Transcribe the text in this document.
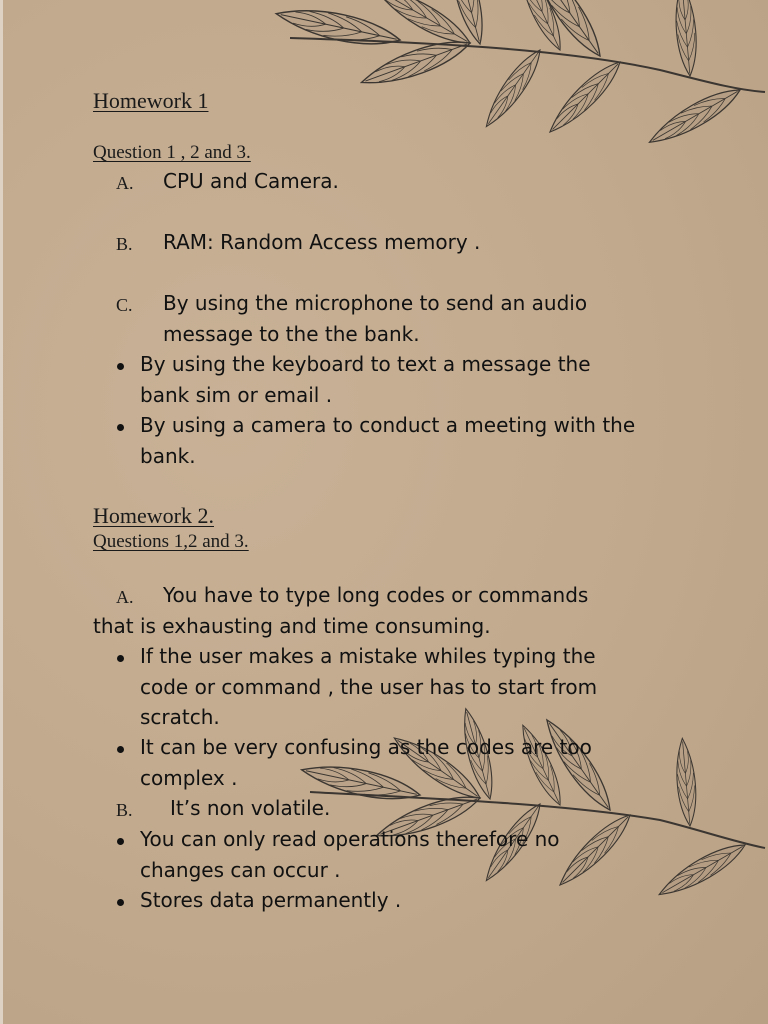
Homework 1
Question 1 , 2 and 3.
A. CPU and Camera.
B. RAM: Random Access memory .
C. By using the microphone to send an audio
message to the the bank.
By using the keyboard to text a message the
bank sim or email .
By using a camera to conduct a meeting with the
bank.
Homework 2.
Questions 1,2 and 3.
A. You have to type long codes or commands
that is exhausting and time consuming.
If the user makes a mistake whiles typing the
code or command , the user has to start from
scratch.
It can be very confusing as the codes are too
complex .
B. It’s non volatile.
You can only read operations therefore no
changes can occur .
Stores data permanently .
